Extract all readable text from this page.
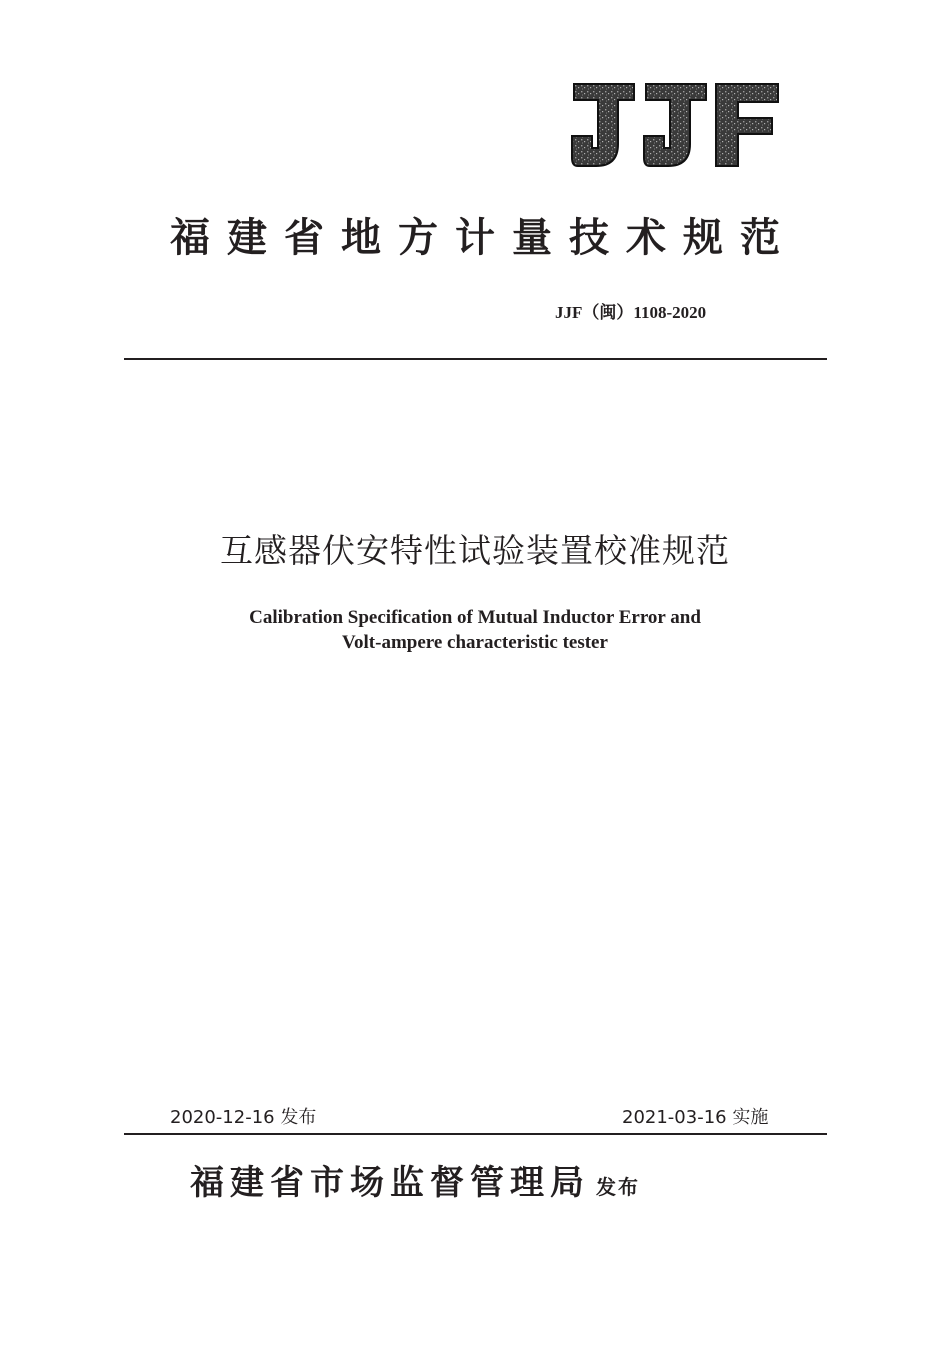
福建省地方计量技术规范
JJF（闽）1108-2020
互感器伏安特性试验装置校准规范
Calibration Specification of Mutual Inductor Error and
Volt-ampere characteristic tester
2020-12-16 发布	2021-03-16 实施
福建省市场监督管理局 发布
